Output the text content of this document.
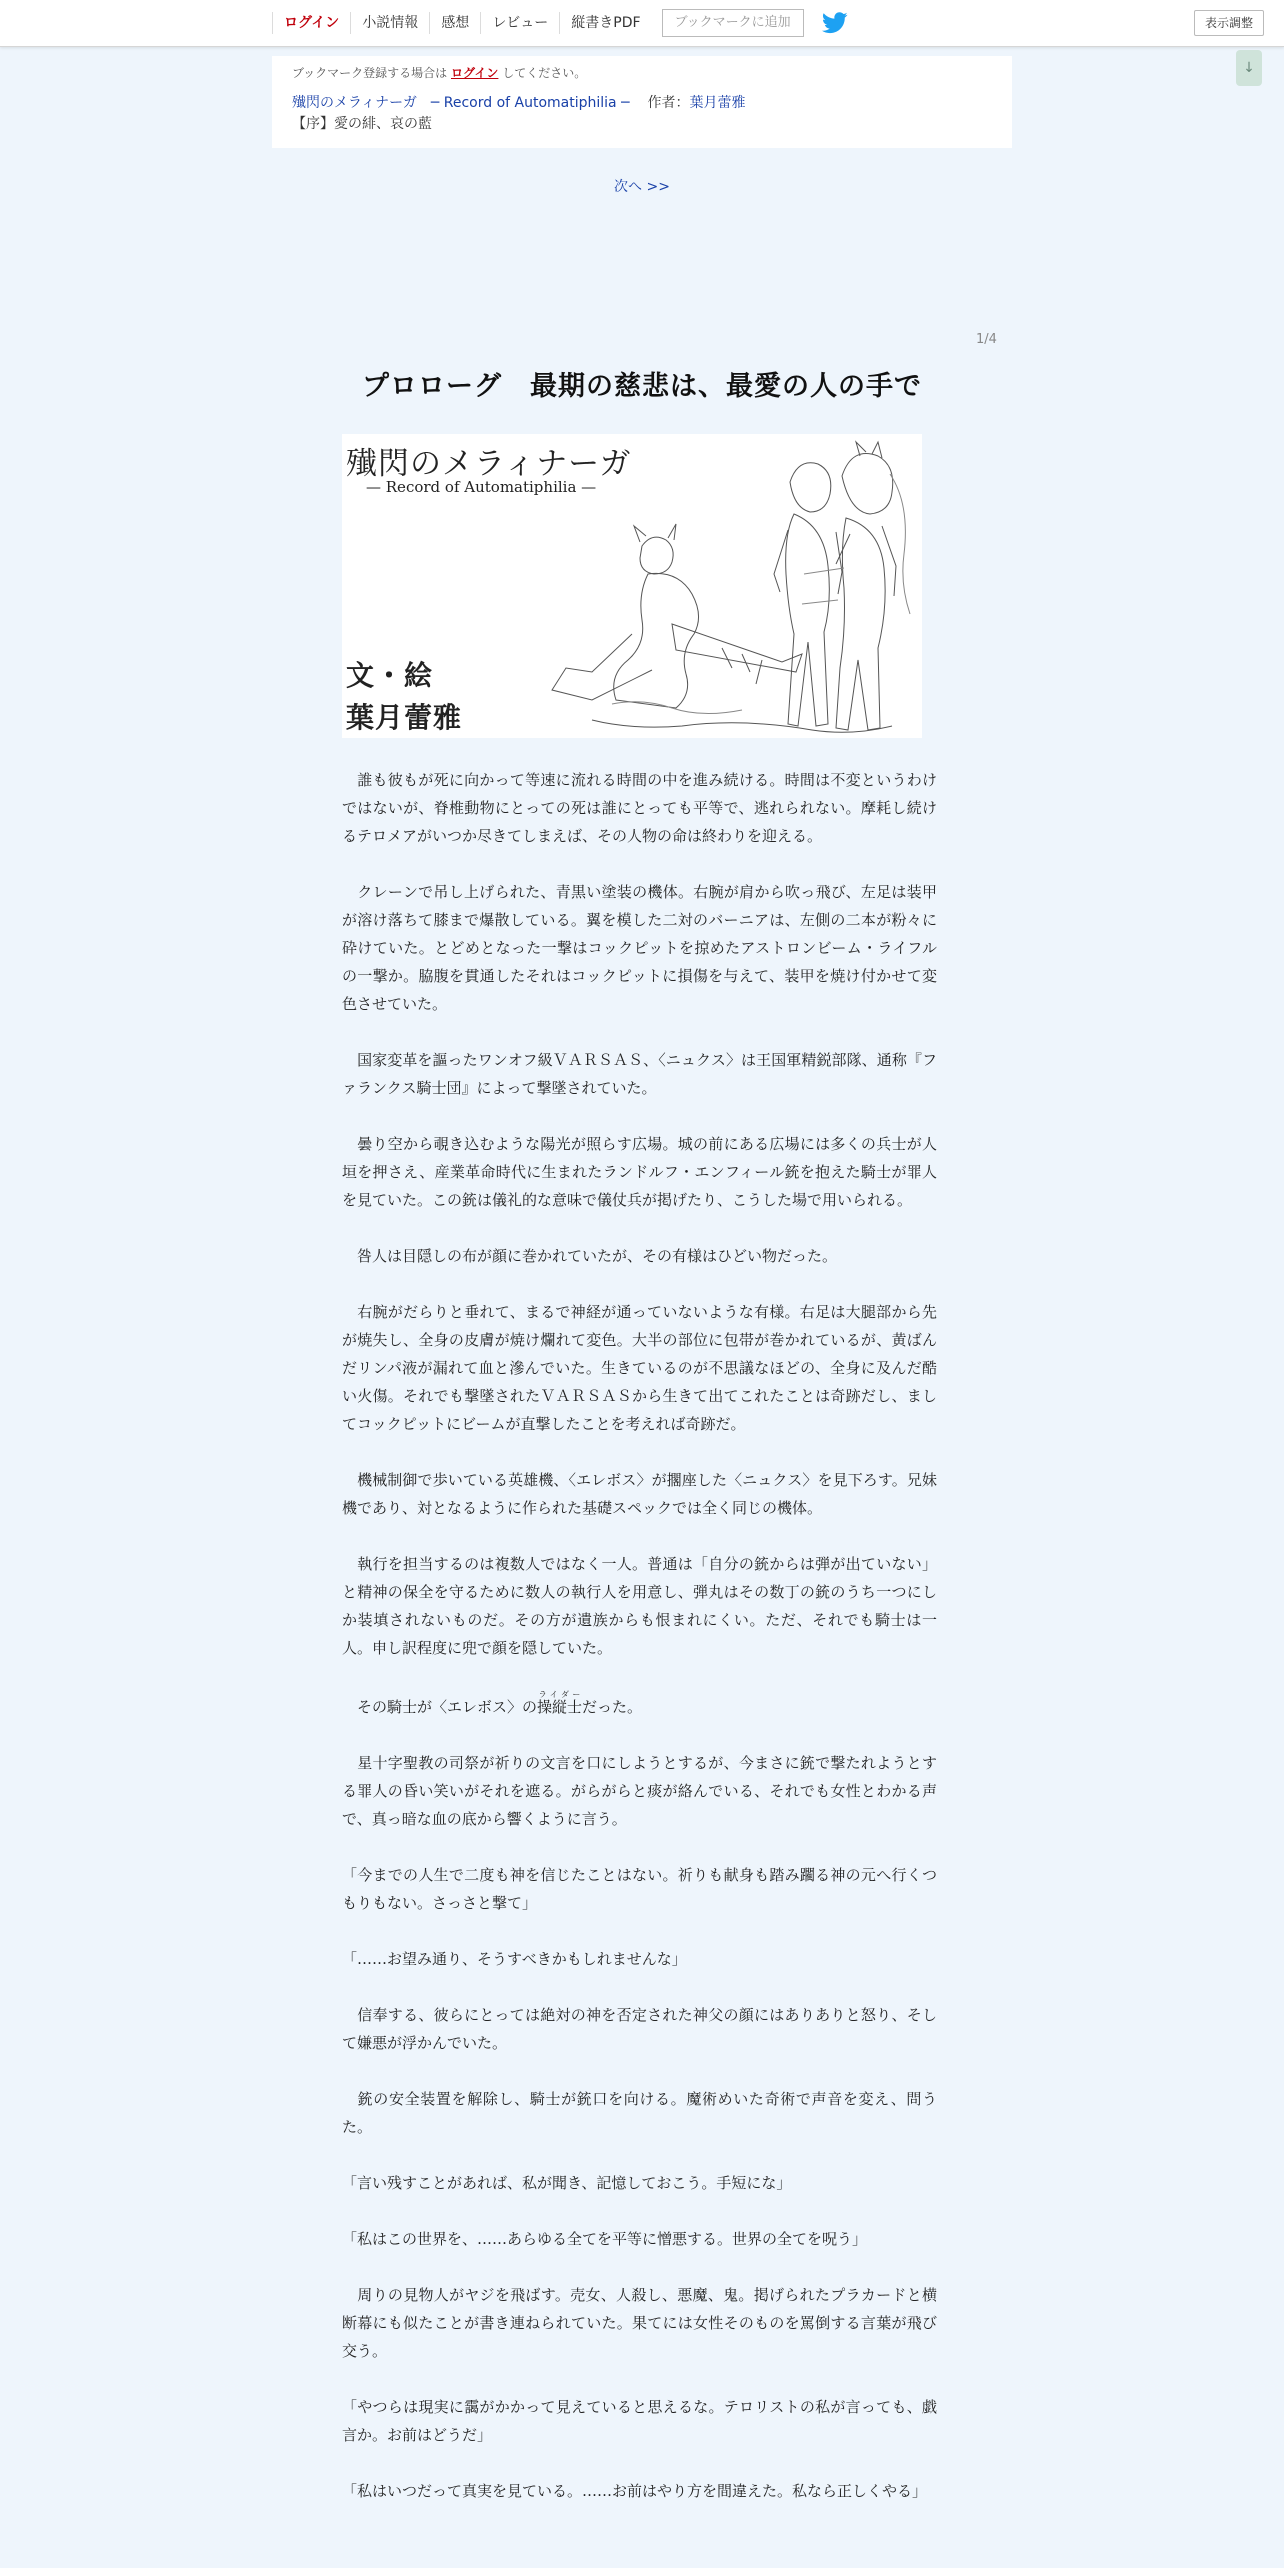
ログイン	小説情報	感想	レビュー	縦書きPDF	ブックマークに追加	表示調整
↓
ブックマーク登録する場合は ログイン してください。
殱閃のメラィナーガ　─ Record of Automatiphilia ─ 作者：葉月蕾雅
【序】愛の緋、哀の藍
次へ >>
1/4
プロローグ　最期の慈悲は、最愛の人の手で
殱閃のメラィナーガ
— Record of Automatiphilia —
文・絵
葉月蕾雅

　誰も彼もが死に向かって等速に流れる時間の中を進み続ける。時間は不変というわけではないが、脊椎動物にとっての死は誰にとっても平等で、逃れられない。摩耗し続けるテロメアがいつか尽きてしまえば、その人物の命は終わりを迎える。

　クレーンで吊し上げられた、青黒い塗装の機体。右腕が肩から吹っ飛び、左足は装甲が溶け落ちて膝まで爆散している。翼を模した二対のバーニアは、左側の二本が粉々に砕けていた。とどめとなった一撃はコックピットを掠めたアストロンビーム・ライフルの一撃か。脇腹を貫通したそれはコックピットに損傷を与えて、装甲を焼け付かせて変色させていた。

　国家変革を謳ったワンオフ級ＶＡＲＳＡＳ、〈ニュクス〉は王国軍精鋭部隊、通称『ファランクス騎士団』によって撃墜されていた。

　曇り空から覗き込むような陽光が照らす広場。城の前にある広場には多くの兵士が人垣を押さえ、産業革命時代に生まれたランドルフ・エンフィール銃を抱えた騎士が罪人を見ていた。この銃は儀礼的な意味で儀仗兵が掲げたり、こうした場で用いられる。

　咎人は目隠しの布が顔に巻かれていたが、その有様はひどい物だった。

　右腕がだらりと垂れて、まるで神経が通っていないような有様。右足は大腿部から先が焼失し、全身の皮膚が焼け爛れて変色。大半の部位に包帯が巻かれているが、黄ばんだリンパ液が漏れて血と滲んでいた。生きているのが不思議なほどの、全身に及んだ酷い火傷。それでも撃墜されたＶＡＲＳＡＳから生きて出てこれたことは奇跡だし、ましてコックピットにビームが直撃したことを考えれば奇跡だ。

　機械制御で歩いている英雄機、〈エレボス〉が擱座した〈ニュクス〉を見下ろす。兄妹機であり、対となるように作られた基礎スペックでは全く同じの機体。

　執行を担当するのは複数人ではなく一人。普通は「自分の銃からは弾が出ていない」と精神の保全を守るために数人の執行人を用意し、弾丸はその数丁の銃のうち一つにしか装填されないものだ。その方が遺族からも恨まれにくい。ただ、それでも騎士は一人。申し訳程度に兜で顔を隠していた。

　その騎士が〈エレボス〉の操縦士ライダーだった。

　星十字聖教の司祭が祈りの文言を口にしようとするが、今まさに銃で撃たれようとする罪人の昏い笑いがそれを遮る。がらがらと痰が絡んでいる、それでも女性とわかる声で、真っ暗な血の底から響くように言う。

「今までの人生で二度も神を信じたことはない。祈りも献身も踏み躙る神の元へ行くつもりもない。さっさと撃て」

「……お望み通り、そうすべきかもしれませんな」

　信奉する、彼らにとっては絶対の神を否定された神父の顔にはありありと怒り、そして嫌悪が浮かんでいた。

　銃の安全装置を解除し、騎士が銃口を向ける。魔術めいた奇術で声音を変え、問うた。

「言い残すことがあれば、私が聞き、記憶しておこう。手短にな」

「私はこの世界を、……あらゆる全てを平等に憎悪する。世界の全てを呪う」

　周りの見物人がヤジを飛ばす。売女、人殺し、悪魔、鬼。掲げられたプラカードと横断幕にも似たことが書き連ねられていた。果てには女性そのものを罵倒する言葉が飛び交う。

「やつらは現実に靄がかかって見えていると思えるな。テロリストの私が言っても、戯言か。お前はどうだ」

「私はいつだって真実を見ている。……お前はやり方を間違えた。私なら正しくやる」
